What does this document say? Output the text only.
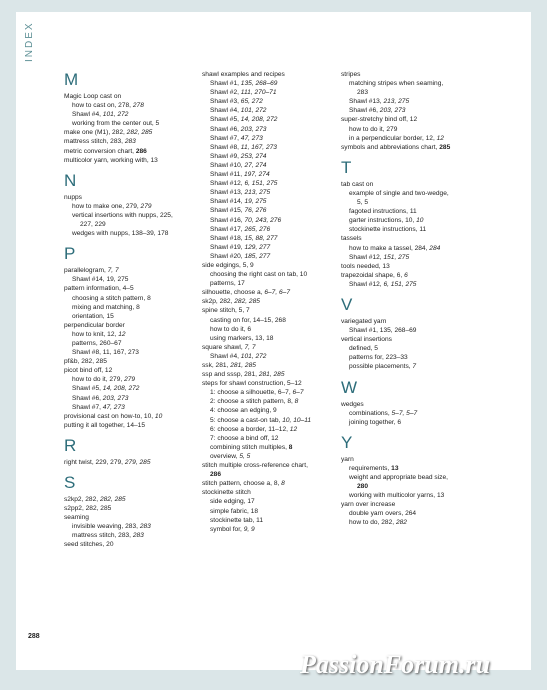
INDEX
M
Magic Loop cast on
how to cast on, 278, 278
Shawl #4, 101, 272
working from the center out, 5
make one (M1), 282, 282, 285
mattress stitch, 283, 283
metric conversion chart, 286
multicolor yarn, working with, 13
N
nupps
how to make one, 279, 279
vertical insertions with nupps, 225,
227, 229
wedges with nupps, 138–39, 178
P
parallelogram, 7, 7
Shawl #14, 19, 275
pattern information, 4–5
choosing a stitch pattern, 8
mixing and matching, 8
orientation, 15
perpendicular border
how to knit, 12, 12
patterns, 260–67
Shawl #8, 11, 167, 273
pf&b, 282, 285
picot bind off, 12
how to do it, 279, 279
Shawl #5, 14, 208, 272
Shawl #6, 203, 273
Shawl #7, 47, 273
provisional cast on how-to, 10, 10
putting it all together, 14–15
R
right twist, 229, 279, 279, 285
S
s2kp2, 282, 282, 285
s2pp2, 282, 285
seaming
invisible weaving, 283, 283
mattress stitch, 283, 283
seed stitches, 20
shawl examples and recipes
Shawl #1, 135, 268–69
Shawl #2, 111, 270–71
Shawl #3, 65, 272
Shawl #4, 101, 272
Shawl #5, 14, 208, 272
Shawl #6, 203, 273
Shawl #7, 47, 273
Shawl #8, 11, 167, 273
Shawl #9, 253, 274
Shawl #10, 27, 274
Shawl #11, 197, 274
Shawl #12, 6, 151, 275
Shawl #13, 213, 275
Shawl #14, 19, 275
Shawl #15, 76, 276
Shawl #16, 70, 243, 276
Shawl #17, 265, 276
Shawl #18, 15, 88, 277
Shawl #19, 129, 277
Shawl #20, 185, 277
side edgings, 5, 9
choosing the right cast on tab, 10
patterns, 17
silhouette, choose a, 6–7, 6–7
sk2p, 282, 282, 285
spine stitch, 5, 7
casting on for, 14–15, 268
how to do it, 6
using markers, 13, 18
square shawl, 7, 7
Shawl #4, 101, 272
ssk, 281, 281, 285
ssp and sssp, 281, 281, 285
steps for shawl construction, 5–12
1: choose a silhouette, 6–7, 6–7
2: choose a stitch pattern, 8, 8
4: choose an edging, 9
5: choose a cast-on tab, 10, 10–11
6: choose a border, 11–12, 12
7: choose a bind off, 12
combining stitch multiples, 8
overview, 5, 5
stitch multiple cross-reference chart,
286
stitch pattern, choose a, 8, 8
stockinette stitch
side edging, 17
simple fabric, 18
stockinette tab, 11
symbol for, 9, 9
stripes
matching stripes when seaming,
283
Shawl #13, 213, 275
Shawl #6, 203, 273
super-stretchy bind off, 12
how to do it, 279
in a perpendicular border, 12, 12
symbols and abbreviations chart, 285
T
tab cast on
example of single and two-wedge,
5, 5
fagoted instructions, 11
garter instructions, 10, 10
stockinette instructions, 11
tassels
how to make a tassel, 284, 284
Shawl #12, 151, 275
tools needed, 13
trapezoidal shape, 6, 6
Shawl #12, 6, 151, 275
V
variegated yarn
Shawl #1, 135, 268–69
vertical insertions
defined, 5
patterns for, 223–33
possible placements, 7
W
wedges
combinations, 5–7, 5–7
joining together, 6
Y
yarn
requirements, 13
weight and appropriate bead size,
280
working with multicolor yarns, 13
yarn over increase
double yarn overs, 264
how to do, 282, 282
288
PassionForum.ru
